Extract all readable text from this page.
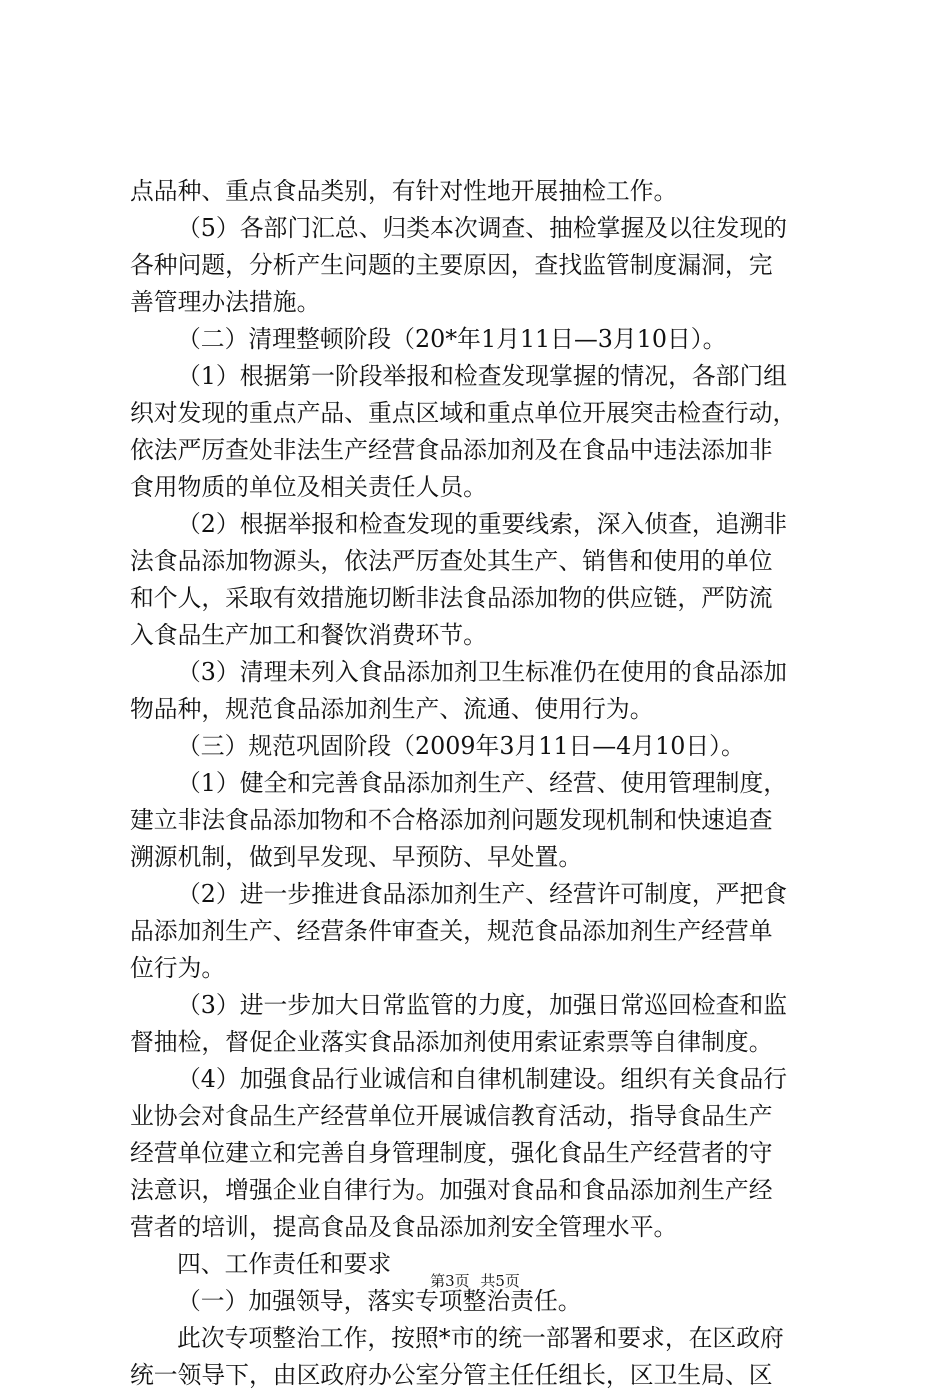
点品种、重点食品类别，有针对性地开展抽检工作。
（5）各部门汇总、归类本次调查、抽检掌握及以往发现的
各种问题，分析产生问题的主要原因，查找监管制度漏洞，完
善管理办法措施。
（二）清理整顿阶段（20*年1月11日—3月10日）。
（1）根据第一阶段举报和检查发现掌握的情况，各部门组
织对发现的重点产品、重点区域和重点单位开展突击检查行动，
依法严厉查处非法生产经营食品添加剂及在食品中违法添加非
食用物质的单位及相关责任人员。
（2）根据举报和检查发现的重要线索，深入侦查，追溯非
法食品添加物源头，依法严厉查处其生产、销售和使用的单位
和个人，采取有效措施切断非法食品添加物的供应链，严防流
入食品生产加工和餐饮消费环节。
（3）清理未列入食品添加剂卫生标准仍在使用的食品添加
物品种，规范食品添加剂生产、流通、使用行为。
（三）规范巩固阶段（2009年3月11日—4月10日）。
（1）健全和完善食品添加剂生产、经营、使用管理制度，
建立非法食品添加物和不合格添加剂问题发现机制和快速追查
溯源机制，做到早发现、早预防、早处置。
（2）进一步推进食品添加剂生产、经营许可制度，严把食
品添加剂生产、经营条件审查关，规范食品添加剂生产经营单
位行为。
（3）进一步加大日常监管的力度，加强日常巡回检查和监
督抽检，督促企业落实食品添加剂使用索证索票等自律制度。
（4）加强食品行业诚信和自律机制建设。组织有关食品行
业协会对食品生产经营单位开展诚信教育活动，指导食品生产
经营单位建立和完善自身管理制度，强化食品生产经营者的守
法意识，增强企业自律行为。加强对食品和食品添加剂生产经
营者的培训，提高食品及食品添加剂安全管理水平。
四、工作责任和要求
（一）加强领导，落实专项整治责任。
此次专项整治工作，按照*市的统一部署和要求，在区政府
统一领导下，由区政府办公室分管主任任组长，区卫生局、区
第3页 共5页
